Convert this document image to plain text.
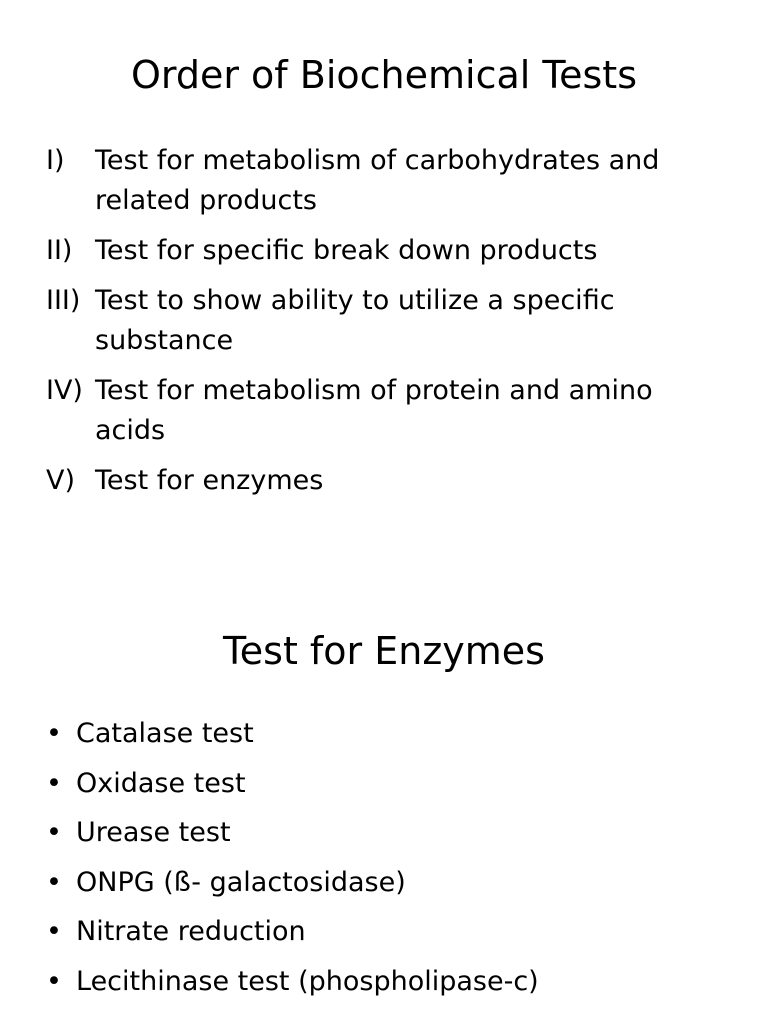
Order of Biochemical Tests
I) Test for metabolism of carbohydrates and related products
II) Test for specific break down products
III) Test to show ability to utilize a specific substance
IV) Test for metabolism of protein and amino acids
V) Test for enzymes
Test for Enzymes
• Catalase test
• Oxidase test
• Urease test
• ONPG (ß- galactosidase)
• Nitrate reduction
• Lecithinase test (phospholipase-c)
